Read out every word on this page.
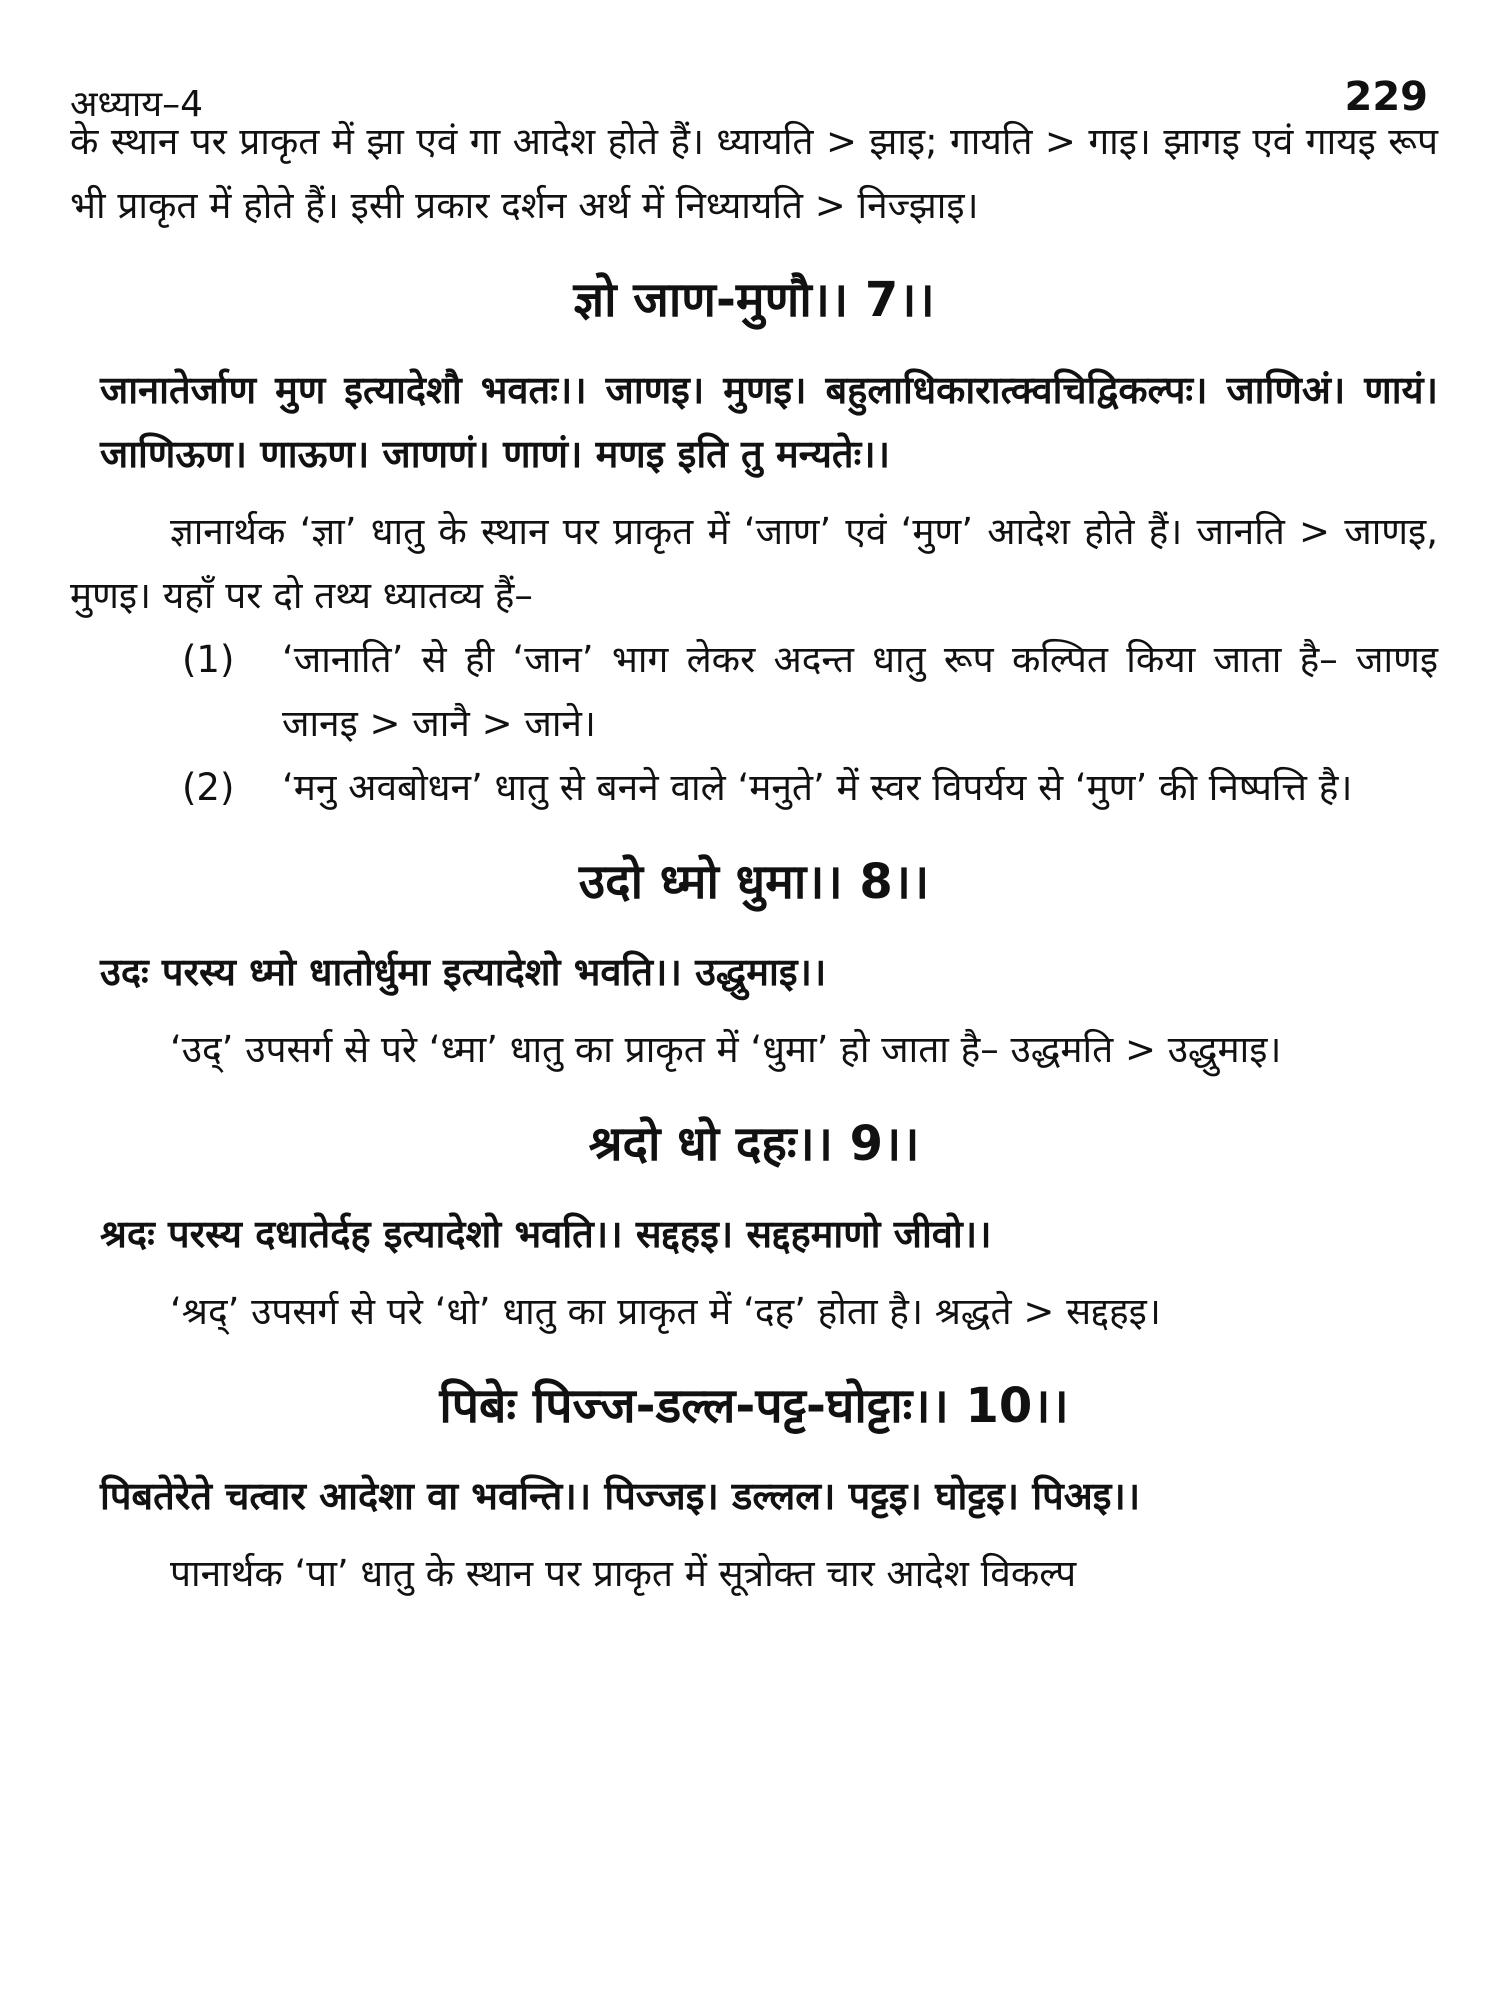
अध्याय–4	229

के स्थान पर प्राकृत में झा एवं गा आदेश होते हैं। ध्यायति > झाइ; गायति > गाइ। झागइ एवं गायइ रूप भी प्राकृत में होते हैं। इसी प्रकार दर्शन अर्थ में निध्यायति > निज्झाइ।

ज्ञो जाण-मुणौ।। 7।।

जानातेर्जाण मुण इत्यादेशौ भवतः।। जाणइ। मुणइ। बहुलाधिकारात्क्वचिद्विकल्पः। जाणिअं। णायं। जाणिऊण। णाऊण। जाणणं। णाणं। मणइ इति तु मन्यतेः।।

ज्ञानार्थक ‘ज्ञा’ धातु के स्थान पर प्राकृत में ‘जाण’ एवं ‘मुण’ आदेश होते हैं। जानति > जाणइ, मुणइ। यहाँ पर दो तथ्य ध्यातव्य हैं–

(1)	‘जानाति’ से ही ‘जान’ भाग लेकर अदन्त धातु रूप कल्पित किया जाता है– जाणइ जानइ > जानै > जाने।
(2)	‘मनु अवबोधन’ धातु से बनने वाले ‘मनुते’ में स्वर विपर्यय से ‘मुण’ की निष्पत्ति है।
उदो ध्मो धुमा।। 8।।

उदः परस्य ध्मो धातोर्धुमा इत्यादेशो भवति।। उद्धुमाइ।।

‘उद्’ उपसर्ग से परे ‘ध्मा’ धातु का प्राकृत में ‘धुमा’ हो जाता है– उद्धमति > उद्धुमाइ।

श्रदो धो दहः।। 9।।

श्रदः परस्य दधातेर्दह इत्यादेशो भवति।। सद्दहइ। सद्दहमाणो जीवो।।

‘श्रद्’ उपसर्ग से परे ‘धो’ धातु का प्राकृत में ‘दह’ होता है। श्रद्धते > सद्दहइ।

पिबेः पिज्ज-डल्ल-पट्ट-घोट्टाः।। 10।।

पिबतेरेते चत्वार आदेशा वा भवन्ति।। पिज्जइ। डल्लल। पट्टइ। घोट्टइ। पिअइ।।

पानार्थक ‘पा’ धातु के स्थान पर प्राकृत में सूत्रोक्त चार आदेश विकल्प
